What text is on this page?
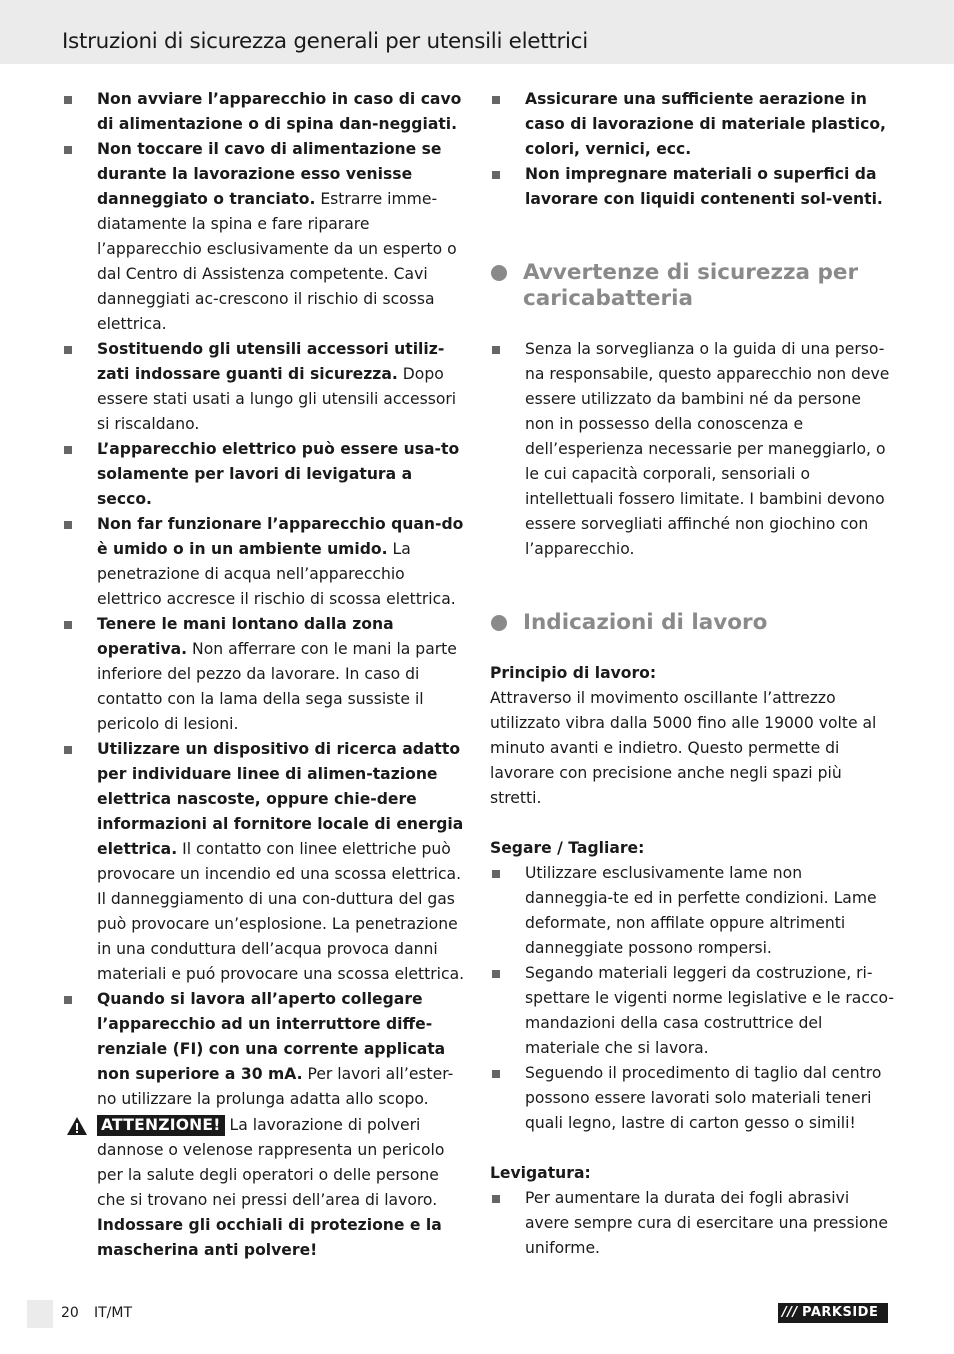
Istruzioni di sicurezza generali per utensili elettrici
Non avviare l’apparecchio in caso di cavo di alimentazione o di spina dan-neggiati.
Non toccare il cavo di alimentazione se durante la lavorazione esso venisse danneggiato o tranciato. Estrarre imme-diatamente la spina e fare riparare l’apparecchio esclusivamente da un esperto o dal Centro di Assistenza competente. Cavi danneggiati ac-crescono il rischio di scossa elettrica.
Sostituendo gli utensili accessori utiliz-zati indossare guanti di sicurezza. Dopo essere stati usati a lungo gli utensili accessori si riscaldano.
L’apparecchio elettrico può essere usa-to solamente per lavori di levigatura a secco.
Non far funzionare l’apparecchio quan-do è umido o in un ambiente umido. La penetrazione di acqua nell’apparecchio elettrico accresce il rischio di scossa elettrica.
Tenere le mani lontano dalla zona operativa. Non afferrare con le mani la parte inferiore del pezzo da lavorare. In caso di contatto con la lama della sega sussiste il pericolo di lesioni.
Utilizzare un dispositivo di ricerca adatto per individuare linee di alimen-tazione elettrica nascoste, oppure chie-dere informazioni al fornitore locale di energia elettrica. Il contatto con linee elettriche può provocare un incendio ed una scossa elettrica. Il danneggiamento di una con-duttura del gas può provocare un’esplosione. La penetrazione in una conduttura dell’acqua provoca danni materiali e puó provocare una scossa elettrica.
Quando si lavora all’aperto collegare l’apparecchio ad un interruttore diffe-renziale (FI) con una corrente applicata non superiore a 30 mA. Per lavori all’ester-no utilizzare la prolunga adatta allo scopo.
ATTENZIONE! La lavorazione di polveri dannose o velenose rappresenta un pericolo per la salute degli operatori o delle persone che si trovano nei pressi dell’area di lavoro.
Indossare gli occhiali di protezione e la mascherina anti polvere!
Assicurare una sufficiente aerazione in caso di lavorazione di materiale plastico, colori, vernici, ecc.
Non impregnare materiali o superfici da lavorare con liquidi contenenti sol-venti.
Avvertenze di sicurezza per caricabatteria
Senza la sorveglianza o la guida di una perso-na responsabile, questo apparecchio non deve essere utilizzato da bambini né da persone non in possesso della conoscenza e dell’esperienza necessarie per maneggiarlo, o le cui capacità corporali, sensoriali o intellettuali fossero limitate. I bambini devono essere sorvegliati affinché non giochino con l’apparecchio.
Indicazioni di lavoro
Principio di lavoro:
Attraverso il movimento oscillante l’attrezzo utilizzato vibra dalla 5000 fino alle 19000 volte al minuto avanti e indietro. Questo permette di lavorare con precisione anche negli spazi più stretti.
Segare / Tagliare:
Utilizzare esclusivamente lame non danneggia-te ed in perfette condizioni. Lame deformate, non affilate oppure altrimenti danneggiate possono rompersi.
Segando materiali leggeri da costruzione, ri-spettare le vigenti norme legislative e le racco-mandazioni della casa costruttrice del materiale che si lavora.
Seguendo il procedimento di taglio dal centro possono essere lavorati solo materiali teneri quali legno, lastre di carton gesso o simili!
Levigatura:
Per aumentare la durata dei fogli abrasivi avere sempre cura di esercitare una pressione uniforme.
20 IT/MT	/// PARKSIDE
